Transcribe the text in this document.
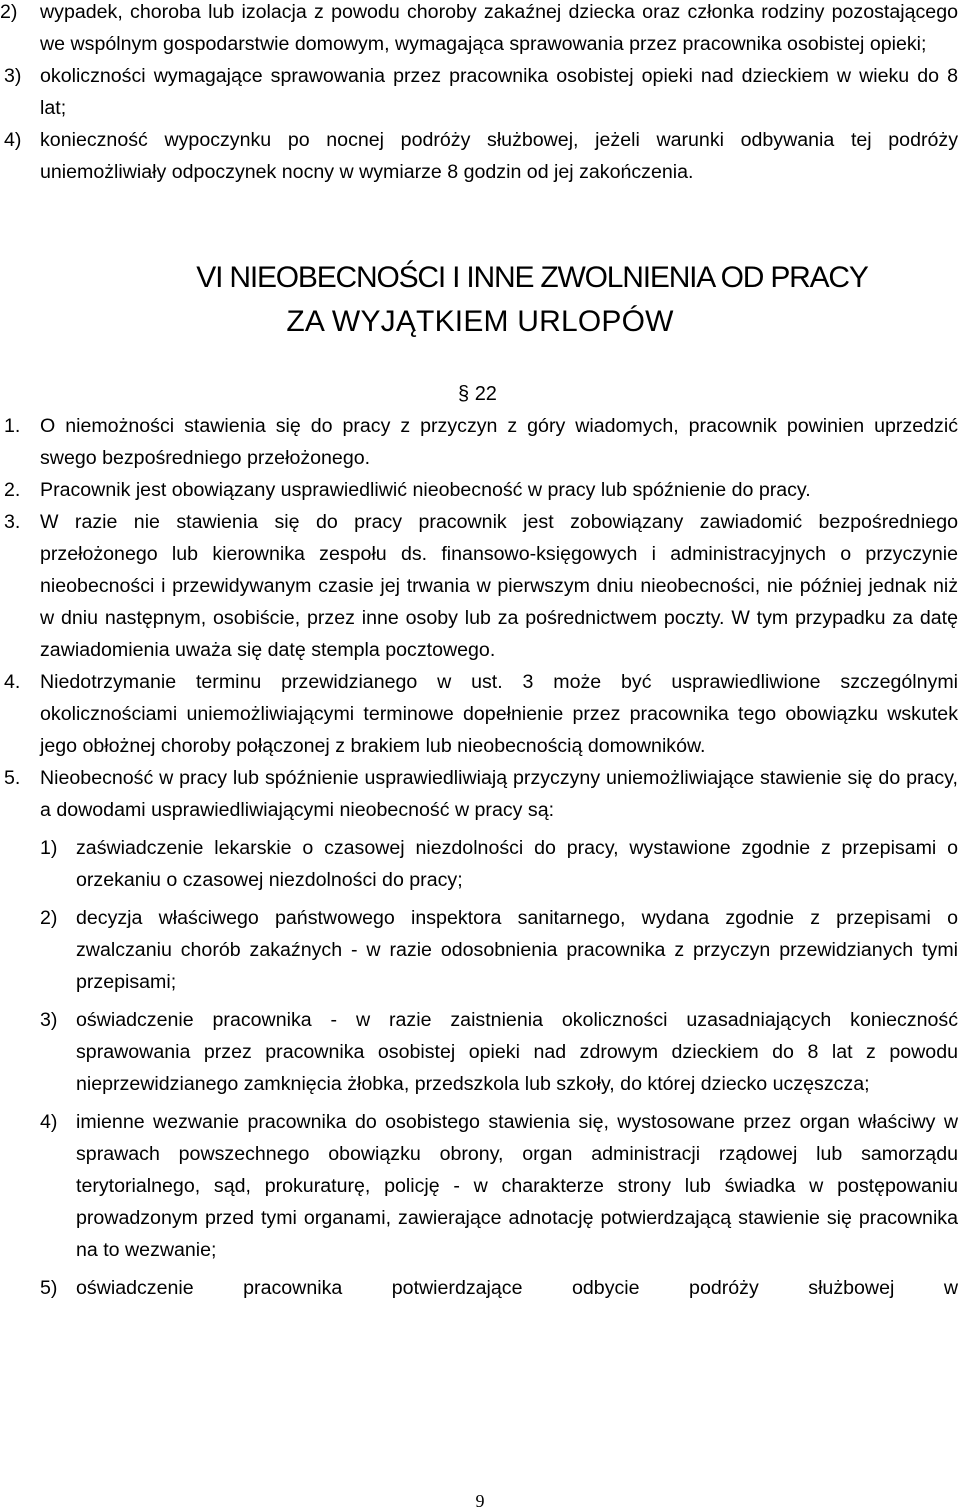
2)	wypadek, choroba lub izolacja z powodu choroby zakaźnej dziecka oraz członka rodziny pozostającego we wspólnym gospodarstwie domowym, wymagająca sprawowania przez pracownika osobistej opieki;
3) okoliczności wymagające sprawowania przez pracownika osobistej opieki nad dzieckiem w wieku do 8 lat;
4) konieczność wypoczynku po nocnej podróży służbowej, jeżeli warunki odbywania tej podróży uniemożliwiały odpoczynek nocny w wymiarze 8 godzin od jej zakończenia.
VI NIEOBECNOŚCI I INNE ZWOLNIENIA OD PRACY
ZA WYJĄTKIEM URLOPÓW
§ 22
1. O niemożności stawienia się do pracy z przyczyn z góry wiadomych, pracownik powinien uprzedzić swego bezpośredniego przełożonego.
2. Pracownik jest obowiązany usprawiedliwić nieobecność w pracy lub spóźnienie do pracy.
3. W razie nie stawienia się do pracy pracownik jest zobowiązany zawiadomić bezpośredniego przełożonego lub kierownika zespołu ds. finansowo-księgowych i administracyjnych o przyczynie nieobecności i przewidywanym czasie jej trwania w pierwszym dniu nieobecności, nie później jednak niż w dniu następnym, osobiście, przez inne osoby lub za pośrednictwem poczty. W tym przypadku za datę zawiadomienia uważa się datę stempla pocztowego.
4. Niedotrzymanie terminu przewidzianego w ust. 3 może być usprawiedliwione szczególnymi okolicznościami uniemożliwiającymi terminowe dopełnienie przez pracownika tego obowiązku wskutek jego obłożnej choroby połączonej z brakiem lub nieobecnością domowników.
5. Nieobecność w pracy lub spóźnienie usprawiedliwiają przyczyny uniemożliwiające stawienie się do pracy, a dowodami usprawiedliwiającymi nieobecność w pracy są:
1) zaświadczenie lekarskie o czasowej niezdolności do pracy, wystawione zgodnie z przepisami o orzekaniu o czasowej niezdolności do pracy;
2) decyzja właściwego państwowego inspektora sanitarnego, wydana zgodnie z przepisami o zwalczaniu chorób zakaźnych - w razie odosobnienia pracownika z przyczyn przewidzianych tymi przepisami;
3) oświadczenie pracownika - w razie zaistnienia okoliczności uzasadniających konieczność sprawowania przez pracownika osobistej opieki nad zdrowym dzieckiem do 8 lat z powodu nieprzewidzianego zamknięcia żłobka, przedszkola lub szkoły, do której dziecko uczęszcza;
4) imienne wezwanie pracownika do osobistego stawienia się, wystosowane przez organ właściwy w sprawach powszechnego obowiązku obrony, organ administracji rządowej lub samorządu terytorialnego, sąd, prokuraturę, policję - w charakterze strony lub świadka w postępowaniu prowadzonym przed tymi organami, zawierające adnotację potwierdzającą stawienie się pracownika na to wezwanie;
5) oświadczenie pracownika potwierdzające odbycie podróży służbowej w
9
